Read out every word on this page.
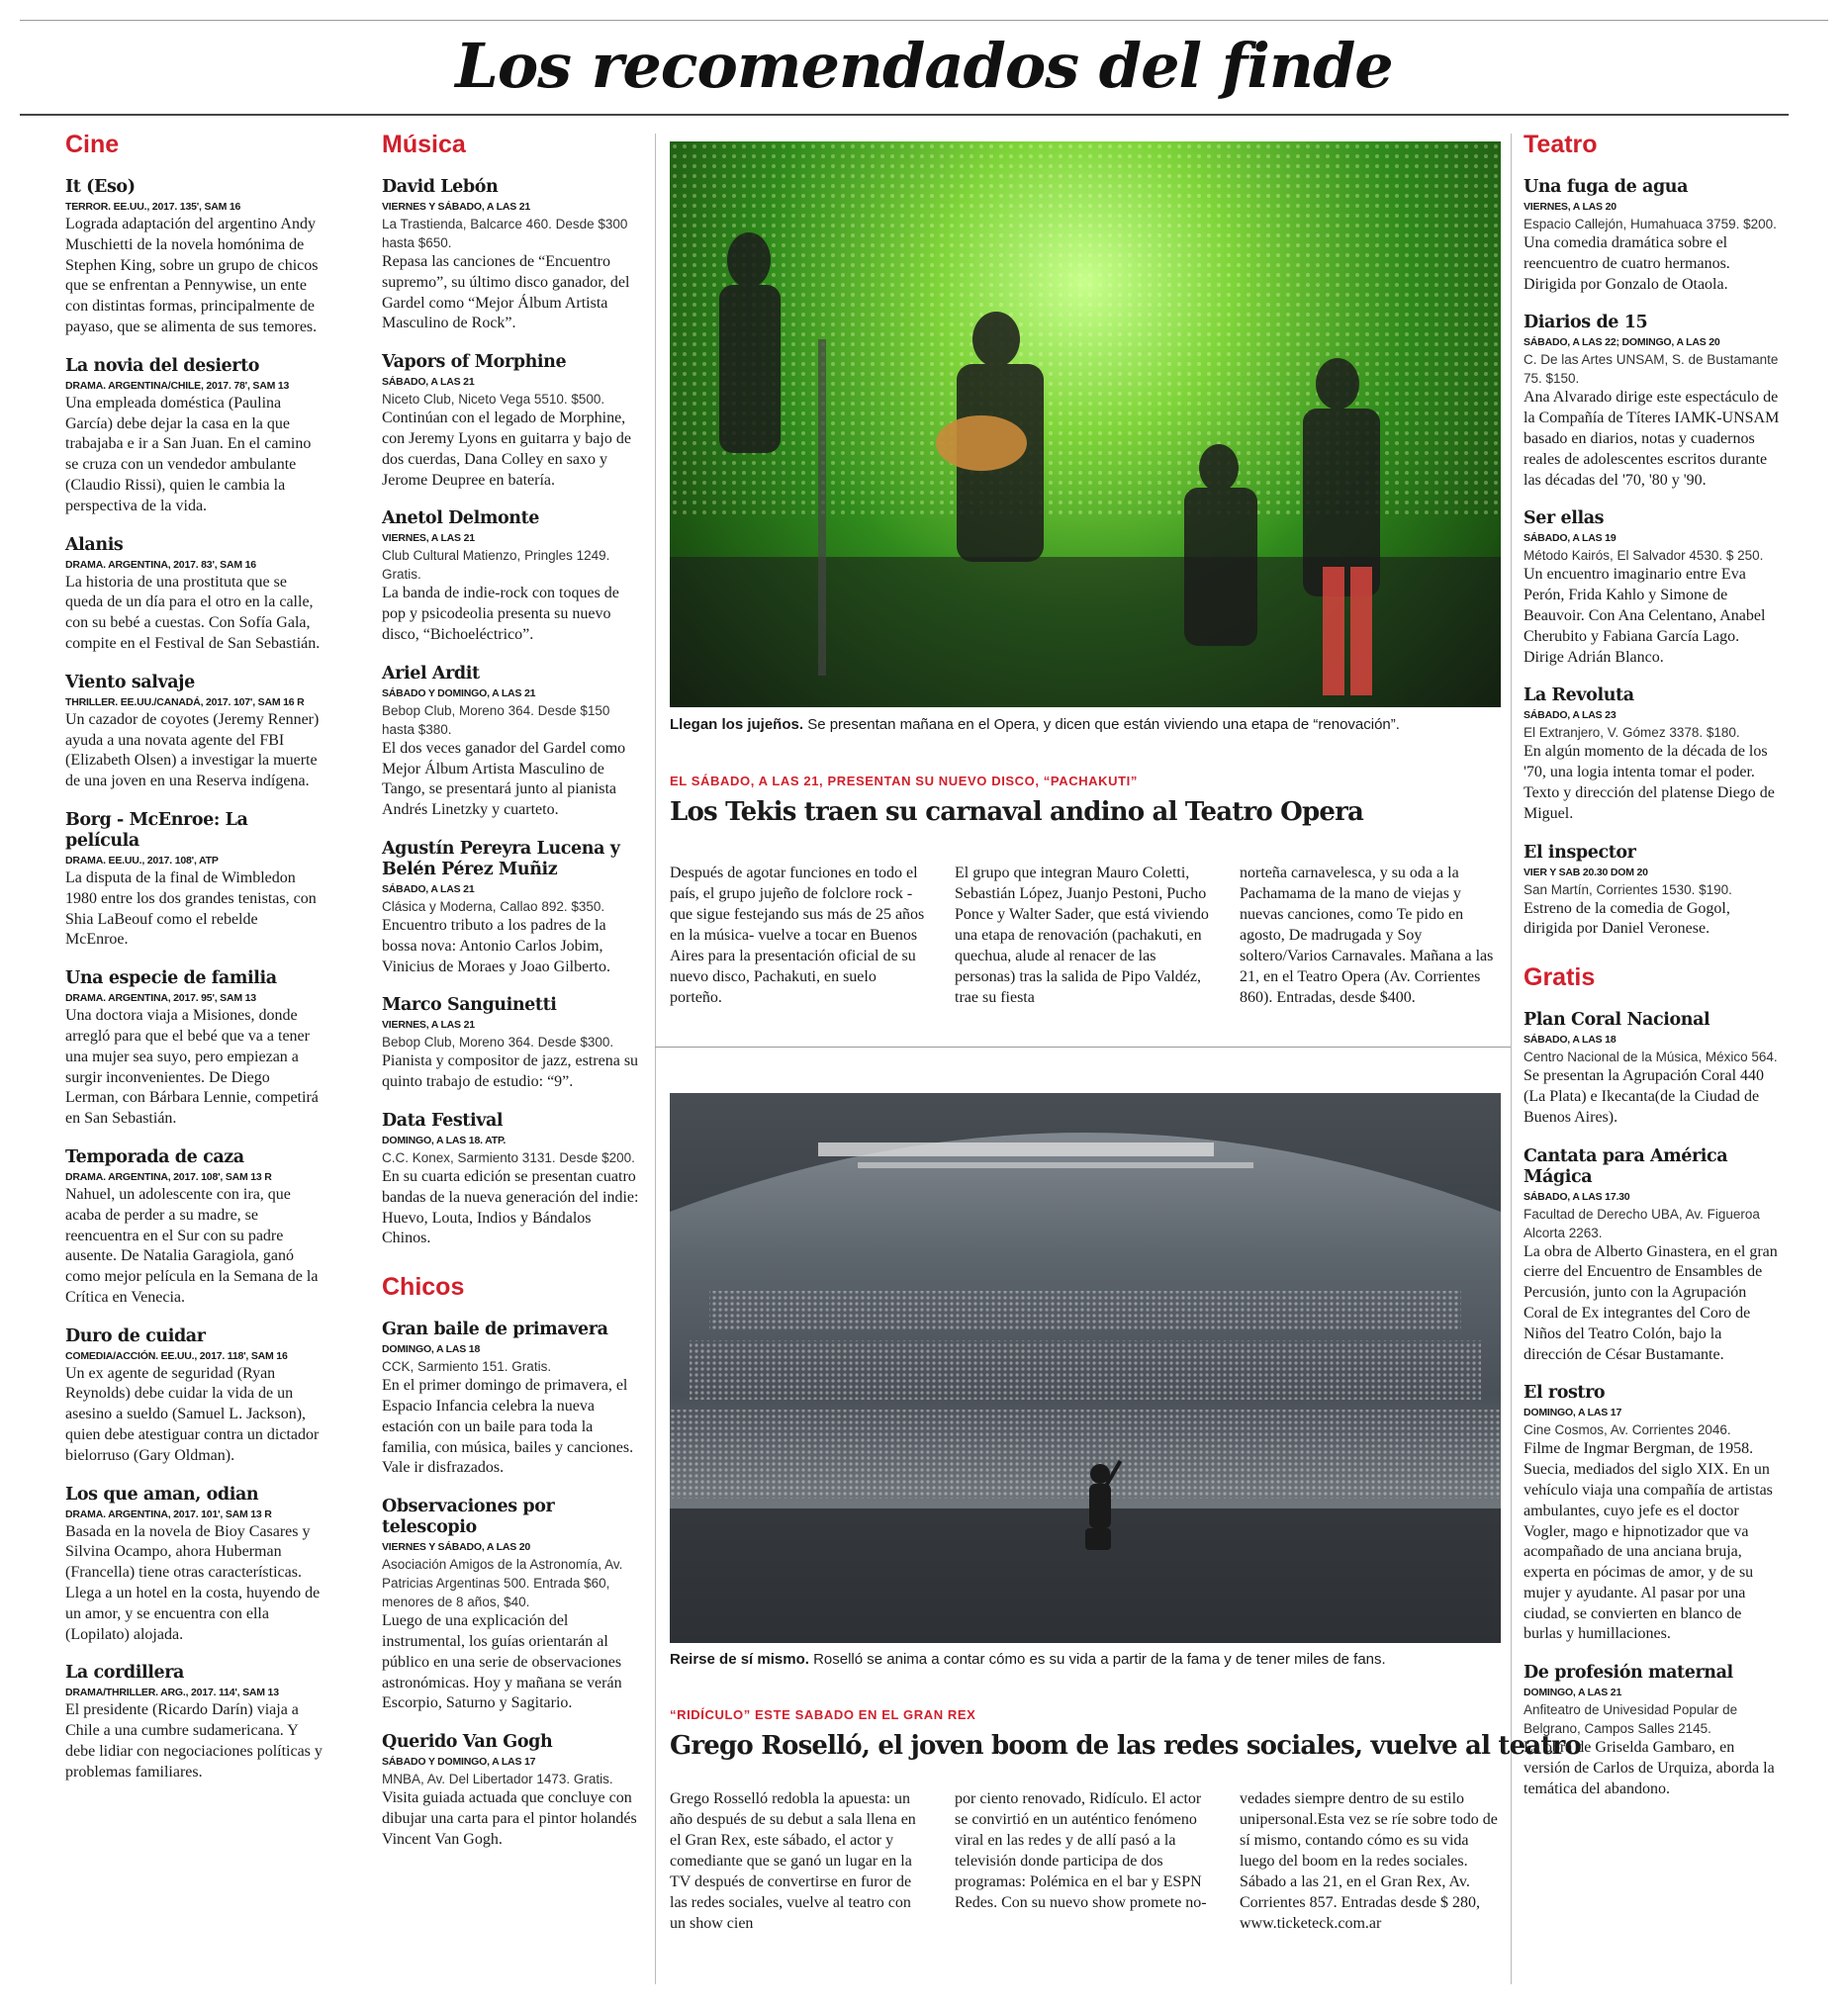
Los recomendados del finde
Cine
It (Eso)
TERROR. EE.UU., 2017. 135', SAM 16

Lograda adaptación del argentino Andy Muschietti de la novela homónima de Stephen King, sobre un grupo de chicos que se enfrentan a Pennywise, un ente con distintas formas, principalmente de payaso, que se alimenta de sus temores.

La novia del desierto
DRAMA. ARGENTINA/CHILE, 2017. 78', SAM 13

Una empleada doméstica (Paulina García) debe dejar la casa en la que trabajaba e ir a San Juan. En el camino se cruza con un vendedor ambulante (Claudio Rissi), quien le cambia la perspectiva de la vida.

Alanis
DRAMA. ARGENTINA, 2017. 83', SAM 16

La historia de una prostituta que se queda de un día para el otro en la calle, con su bebé a cuestas. Con Sofía Gala, compite en el Festival de San Sebastián.

Viento salvaje
THRILLER. EE.UU./CANADÁ, 2017. 107', SAM 16 R

Un cazador de coyotes (Jeremy Renner) ayuda a una novata agente del FBI (Elizabeth Olsen) a investigar la muerte de una joven en una Reserva indígena.

Borg - McEnroe: La película
DRAMA. EE.UU., 2017. 108', ATP

La disputa de la final de Wimbledon 1980 entre los dos grandes tenistas, con Shia LaBeouf como el rebelde McEnroe.

Una especie de familia
DRAMA. ARGENTINA, 2017. 95', SAM 13

Una doctora viaja a Misiones, donde arregló para que el bebé que va a tener una mujer sea suyo, pero empiezan a surgir inconvenientes. De Diego Lerman, con Bárbara Lennie, competirá en San Sebastián.

Temporada de caza
DRAMA. ARGENTINA, 2017. 108', SAM 13 R

Nahuel, un adolescente con ira, que acaba de perder a su madre, se reencuentra en el Sur con su padre ausente. De Natalia Garagiola, ganó como mejor película en la Semana de la Crítica en Venecia.

Duro de cuidar
COMEDIA/ACCIÓN. EE.UU., 2017. 118', SAM 16

Un ex agente de seguridad (Ryan Reynolds) debe cuidar la vida de un asesino a sueldo (Samuel L. Jackson), quien debe atestiguar contra un dictador bielorruso (Gary Oldman).

Los que aman, odian
DRAMA. ARGENTINA, 2017. 101', SAM 13 R

Basada en la novela de Bioy Casares y Silvina Ocampo, ahora Huberman (Francella) tiene otras características. Llega a un hotel en la costa, huyendo de un amor, y se encuentra con ella (Lopilato) alojada.

La cordillera
DRAMA/THRILLER. ARG., 2017. 114', SAM 13

El presidente (Ricardo Darín) viaja a Chile a una cumbre sudamericana. Y debe lidiar con negociaciones políticas y problemas familiares.

Música
David Lebón
VIERNES Y SÁBADO, A LAS 21

La Trastienda, Balcarce 460. Desde $300 hasta $650.

Repasa las canciones de “Encuentro supremo”, su último disco ganador, del Gardel como “Mejor Álbum Artista Masculino de Rock”.

Vapors of Morphine
SÁBADO, A LAS 21

Niceto Club, Niceto Vega 5510. $500.

Continúan con el legado de Morphine, con Jeremy Lyons en guitarra y bajo de dos cuerdas, Dana Colley en saxo y Jerome Deupree en batería.

Anetol Delmonte
VIERNES, A LAS 21

Club Cultural Matienzo, Pringles 1249. Gratis.

La banda de indie-rock con toques de pop y psicodeolia presenta su nuevo disco, “Bichoeléctrico”.

Ariel Ardit
SÁBADO Y DOMINGO, A LAS 21

Bebop Club, Moreno 364. Desde $150 hasta $380.

El dos veces ganador del Gardel como Mejor Álbum Artista Masculino de Tango, se presentará junto al pianista Andrés Linetzky y cuarteto.

Agustín Pereyra Lucena y Belén Pérez Muñiz
SÁBADO, A LAS 21

Clásica y Moderna, Callao 892. $350.

Encuentro tributo a los padres de la bossa nova: Antonio Carlos Jobim, Vinicius de Moraes y Joao Gilberto.

Marco Sanguinetti
VIERNES, A LAS 21

Bebop Club, Moreno 364. Desde $300.

Pianista y compositor de jazz, estrena su quinto trabajo de estudio: “9”.

Data Festival
DOMINGO, A LAS 18. ATP.

C.C. Konex, Sarmiento 3131. Desde $200.

En su cuarta edición se presentan cuatro bandas de la nueva generación del indie: Huevo, Louta, Indios y Bándalos Chinos.

Chicos
Gran baile de primavera
DOMINGO, A LAS 18

CCK, Sarmiento 151. Gratis.

En el primer domingo de primavera, el Espacio Infancia celebra la nueva estación con un baile para toda la familia, con música, bailes y canciones. Vale ir disfrazados.

Observaciones por telescopio
VIERNES Y SÁBADO, A LAS 20

Asociación Amigos de la Astronomía, Av. Patricias Argentinas 500. Entrada $60, menores de 8 años, $40.

Luego de una explicación del instrumental, los guías orientarán al público en una serie de observaciones astronómicas. Hoy y mañana se verán Escorpio, Saturno y Sagitario.

Querido Van Gogh
SÁBADO Y DOMINGO, A LAS 17

MNBA, Av. Del Libertador 1473. Gratis.

Visita guiada actuada que concluye con dibujar una carta para el pintor holandés Vincent Van Gogh.

Teatro
Una fuga de agua
VIERNES, A LAS 20

Espacio Callejón, Humahuaca 3759. $200.

Una comedia dramática sobre el reencuentro de cuatro hermanos. Dirigida por Gonzalo de Otaola.

Diarios de 15
SÁBADO, A LAS 22; DOMINGO, A LAS 20

C. De las Artes UNSAM, S. de Bustamante 75. $150.

Ana Alvarado dirige este espectáculo de la Compañía de Títeres IAMK-UNSAM basado en diarios, notas y cuadernos reales de adolescentes escritos durante las décadas del '70, '80 y '90.

Ser ellas
SÁBADO, A LAS 19

Método Kairós, El Salvador 4530. $ 250.

Un encuentro imaginario entre Eva Perón, Frida Kahlo y Simone de Beauvoir. Con Ana Celentano, Anabel Cherubito y Fabiana García Lago. Dirige Adrián Blanco.

La Revoluta
SÁBADO, A LAS 23

El Extranjero, V. Gómez 3378. $180.

En algún momento de la década de los '70, una logia intenta tomar el poder. Texto y dirección del platense Diego de Miguel.

El inspector
VIER Y SAB 20.30 DOM 20

San Martín, Corrientes 1530. $190.

Estreno de la comedia de Gogol, dirigida por Daniel Veronese.

Gratis
Plan Coral Nacional
SÁBADO, A LAS 18

Centro Nacional de la Música, México 564.

Se presentan la Agrupación Coral 440 (La Plata) e Ikecanta(de la Ciudad de Buenos Aires).

Cantata para América Mágica
SÁBADO, A LAS 17.30

Facultad de Derecho UBA, Av. Figueroa Alcorta 2263.

La obra de Alberto Ginastera, en el gran cierre del Encuentro de Ensambles de Percusión, junto con la Agrupación Coral de Ex integrantes del Coro de Niños del Teatro Colón, bajo la dirección de César Bustamante.

El rostro
DOMINGO, A LAS 17

Cine Cosmos, Av. Corrientes 2046.

Filme de Ingmar Bergman, de 1958. Suecia, mediados del siglo XIX. En un vehículo viaja una compañía de artistas ambulantes, cuyo jefe es el doctor Vogler, mago e hipnotizador que va acompañado de una anciana bruja, experta en pócimas de amor, y de su mujer y ayudante. Al pasar por una ciudad, se convierten en blanco de burlas y humillaciones.

De profesión maternal
DOMINGO, A LAS 21

Anfiteatro de Univesidad Popular de Belgrano, Campos Salles 2145.

La obra de Griselda Gambaro, en versión de Carlos de Urquiza, aborda la temática del abandono.

Llegan los jujeños. Se presentan mañana en el Opera, y dicen que están viviendo una etapa de “renovación”.
EL SÁBADO, A LAS 21, PRESENTAN SU NUEVO DISCO, “PACHAKUTI”
Los Tekis traen su carnaval andino al Teatro Opera

Después de agotar funciones en todo el país, el grupo jujeño de folclore rock -que sigue festejando sus más de 25 años en la música- vuelve a tocar en Buenos Aires para la presentación oficial de su nuevo disco, Pachakuti, en suelo porteño.

El grupo que integran Mauro Coletti, Sebastián López, Juanjo Pestoni, Pucho Ponce y Walter Sader, que está viviendo una etapa de renovación (pachakuti, en quechua, alude al renacer de las personas) tras la salida de Pipo Valdéz, trae su fiesta

norteña carnavelesca, y su oda a la Pachamama de la mano de viejas y nuevas canciones, como Te pido en agosto, De madrugada y Soy soltero/Varios Carnavales. Mañana a las 21, en el Teatro Opera (Av. Corrientes 860). Entradas, desde $400.

Reirse de sí mismo. Roselló se anima a contar cómo es su vida a partir de la fama y de tener miles de fans.
“RIDÍCULO” ESTE SABADO EN EL GRAN REX
Grego Roselló, el joven boom de las redes sociales, vuelve al teatro

Grego Rosselló redobla la apuesta: un año después de su debut a sala llena en el Gran Rex, este sábado, el actor y comediante que se ganó un lugar en la TV después de convertirse en furor de las redes sociales, vuelve al teatro con un show cien

por ciento renovado, Ridículo. El actor se convirtió en un auténtico fenómeno viral en las redes y de allí pasó a la televisión donde participa de dos programas: Polémica en el bar y ESPN Redes. Con su nuevo show promete no-

vedades siempre dentro de su estilo unipersonal.Esta vez se ríe sobre todo de sí mismo, contando cómo es su vida luego del boom en la redes sociales. Sábado a las 21, en el Gran Rex, Av. Corrientes 857. Entradas desde $ 280, www.ticketeck.com.ar
